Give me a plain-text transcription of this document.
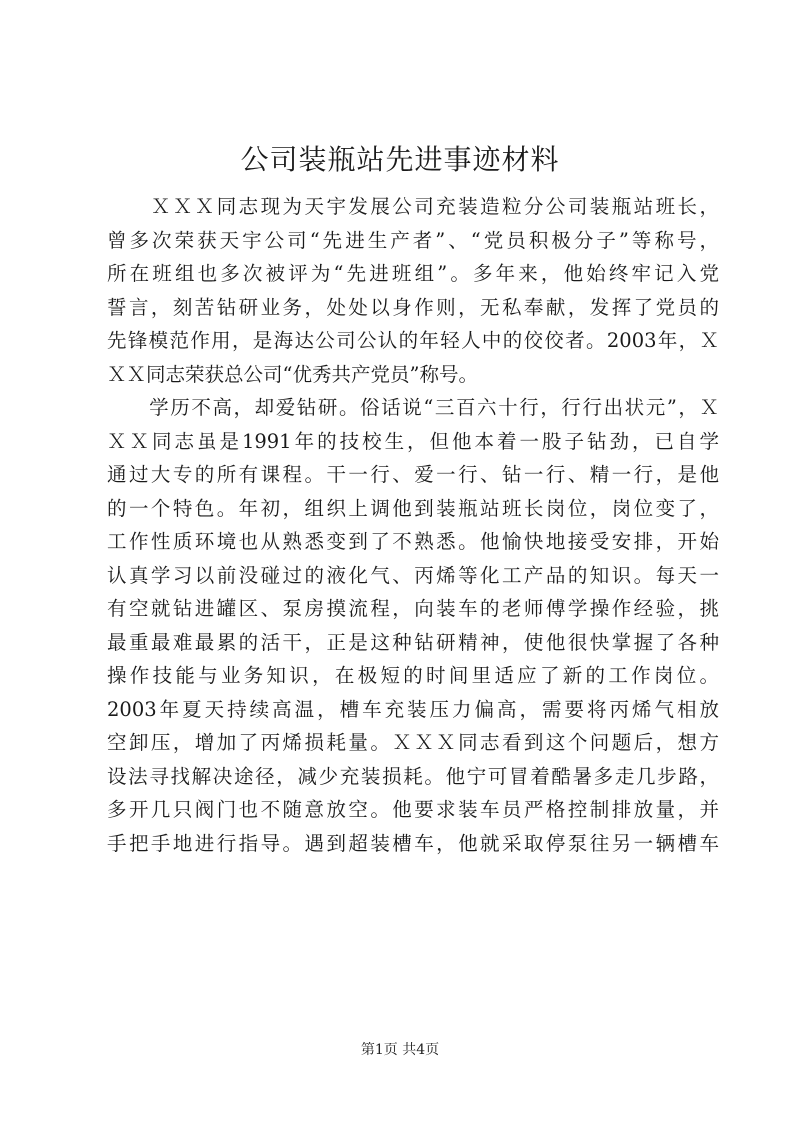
公司装瓶站先进事迹材料
　　ＸＸＸ同志现为天宇发展公司充装造粒分公司装瓶站班长，
曾多次荣获天宇公司“先进生产者”、“党员积极分子”等称号，
所在班组也多次被评为“先进班组”。多年来，他始终牢记入党
誓言，刻苦钻研业务，处处以身作则，无私奉献，发挥了党员的
先锋模范作用，是海达公司公认的年轻人中的佼佼者。2003年，Ｘ
ＸＸ同志荣获总公司“优秀共产党员”称号。
　　学历不高，却爱钻研。俗话说“三百六十行，行行出状元”，Ｘ
ＸＸ同志虽是1991年的技校生，但他本着一股子钻劲，已自学
通过大专的所有课程。干一行、爱一行、钻一行、精一行，是他
的一个特色。年初，组织上调他到装瓶站班长岗位，岗位变了，
工作性质环境也从熟悉变到了不熟悉。他愉快地接受安排，开始
认真学习以前没碰过的液化气、丙烯等化工产品的知识。每天一
有空就钻进罐区、泵房摸流程，向装车的老师傅学操作经验，挑
最重最难最累的活干，正是这种钻研精神，使他很快掌握了各种
操作技能与业务知识，在极短的时间里适应了新的工作岗位。
2003年夏天持续高温，槽车充装压力偏高，需要将丙烯气相放
空卸压，增加了丙烯损耗量。ＸＸＸ同志看到这个问题后，想方
设法寻找解决途径，减少充装损耗。他宁可冒着酷暑多走几步路，
多开几只阀门也不随意放空。他要求装车员严格控制排放量，并
手把手地进行指导。遇到超装槽车，他就采取停泵往另一辆槽车
第1页 共4页
